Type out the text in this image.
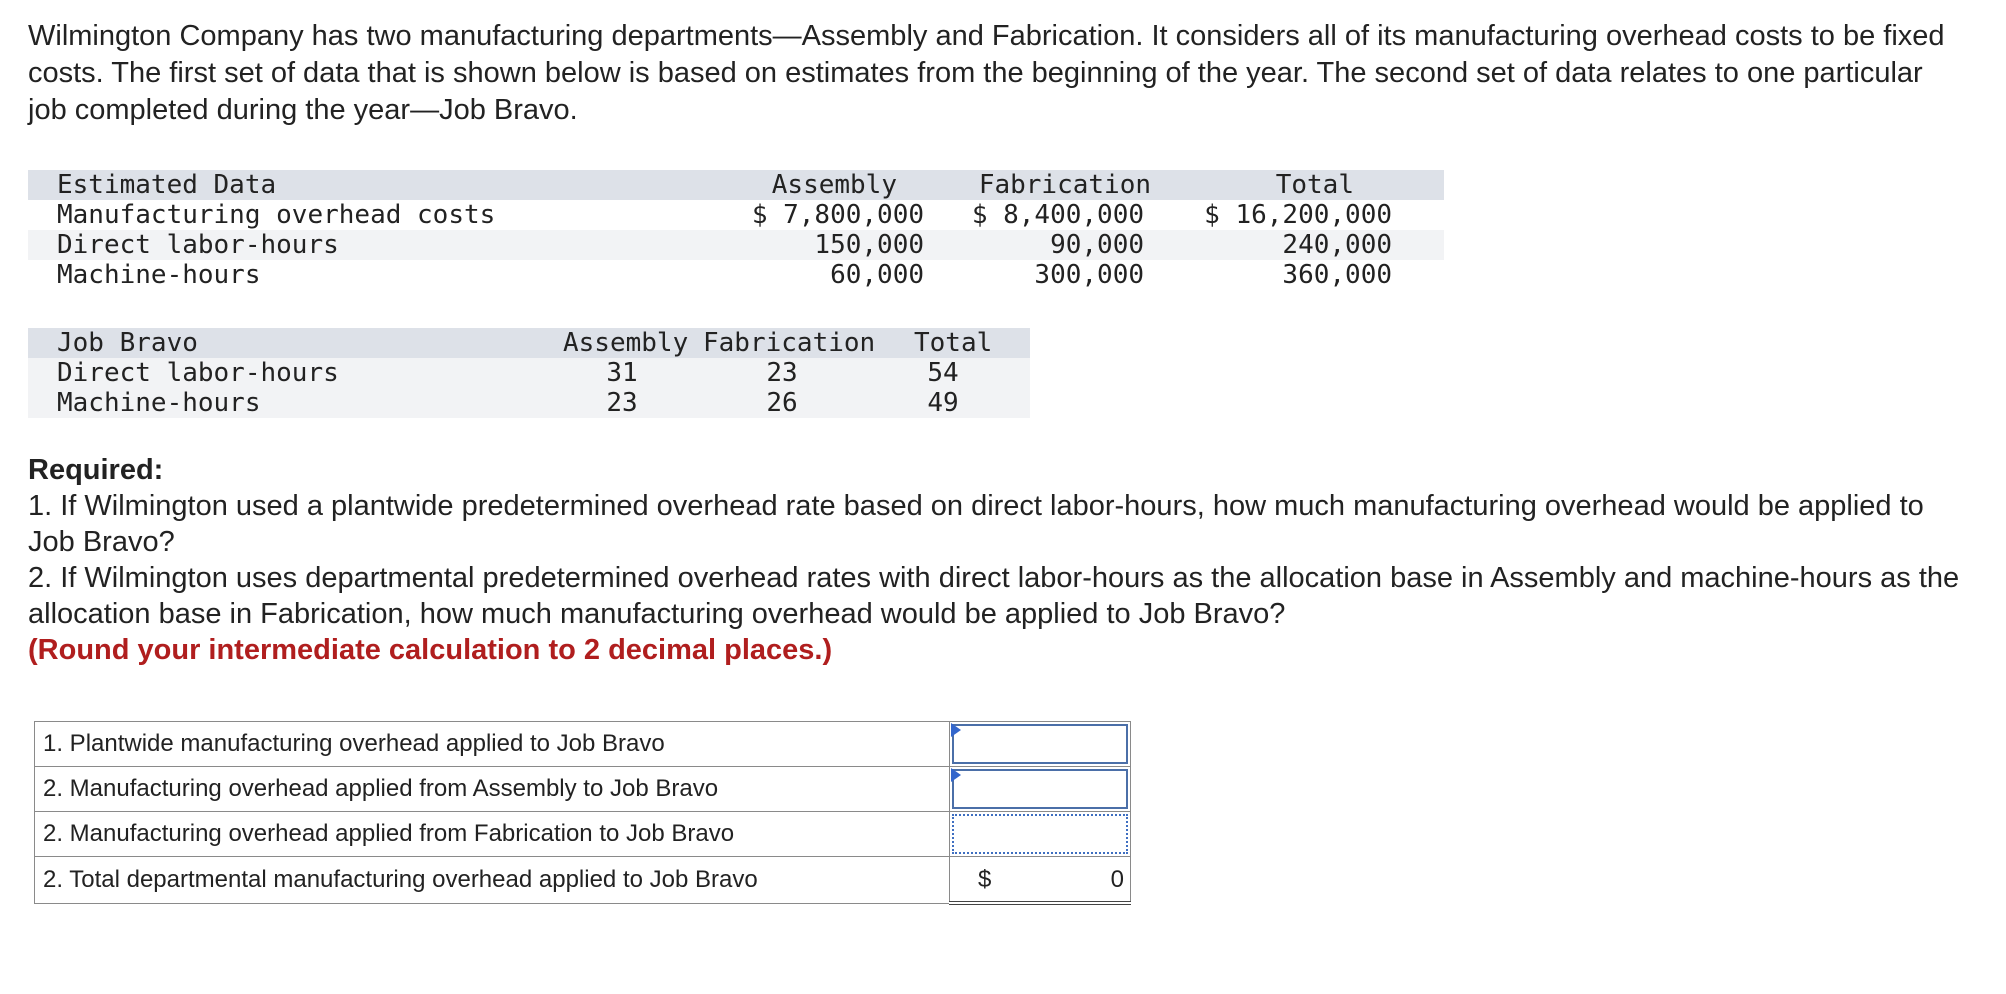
Wilmington Company has two manufacturing departments—Assembly and Fabrication. It considers all of its manufacturing overhead costs to be fixed costs. The first set of data that is shown below is based on estimates from the beginning of the year. The second set of data relates to one particular job completed during the year—Job Bravo.

Estimated Data	Assembly	Fabrication	Total
Manufacturing overhead costs	$ 7,800,000 $ 8,400,000 $ 16,200,000
Direct labor-hours	150,000	90,000	240,000
Machine-hours	60,000	300,000	360,000
Job Bravo	Assembly Fabrication Total
Direct labor-hours	31	23	54
Machine-hours	23	26	49
Required:
1. If Wilmington used a plantwide predetermined overhead rate based on direct labor-hours, how much manufacturing overhead would be applied to Job Bravo?
2. If Wilmington uses departmental predetermined overhead rates with direct labor-hours as the allocation base in Assembly and machine-hours as the allocation base in Fabrication, how much manufacturing overhead would be applied to Job Bravo?
(Round your intermediate calculation to 2 decimal places.)
1. Plantwide manufacturing overhead applied to Job Bravo	

2. Manufacturing overhead applied from Assembly to Job Bravo	

2. Manufacturing overhead applied from Fabrication to Job Bravo	

2. Total departmental manufacturing overhead applied to Job Bravo	$ 0
